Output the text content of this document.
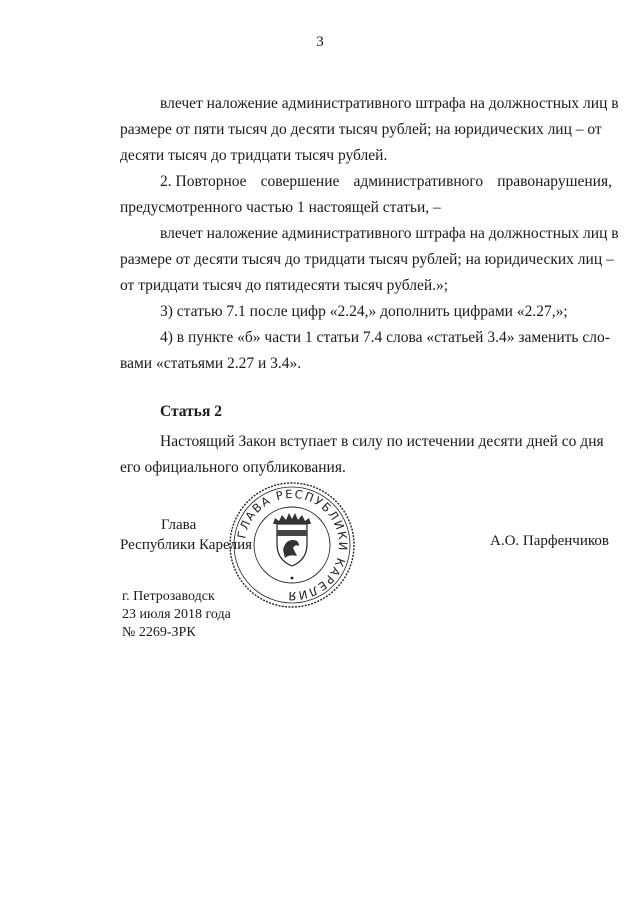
3
влечет наложение административного штрафа на должностных лиц в
размере от пяти тысяч до десяти тысяч рублей; на юридических лиц – от
десяти тысяч до тридцати тысяч рублей.
2. Повторное совершение административного правонарушения,
предусмотренного частью 1 настоящей статьи, –
влечет наложение административного штрафа на должностных лиц в
размере от десяти тысяч до тридцати тысяч рублей; на юридических лиц –
от тридцати тысяч до пятидесяти тысяч рублей.»;
3) статью 7.1 после цифр «2.24,» дополнить цифрами «2.27,»;
4) в пункте «б» части 1 статьи 7.4 слова «статьей 3.4» заменить сло-
вами «статьями 2.27 и 3.4».
Статья 2
Настоящий Закон вступает в силу по истечении десяти дней со дня
его официального опубликования.
ГЛАВА РЕСПУБЛИКИ КАРЕЛИЯ
Глава
Республики Карелия	А.О. Парфенчиков
г. Петрозаводск
23 июля 2018 года
№ 2269-ЗРК
